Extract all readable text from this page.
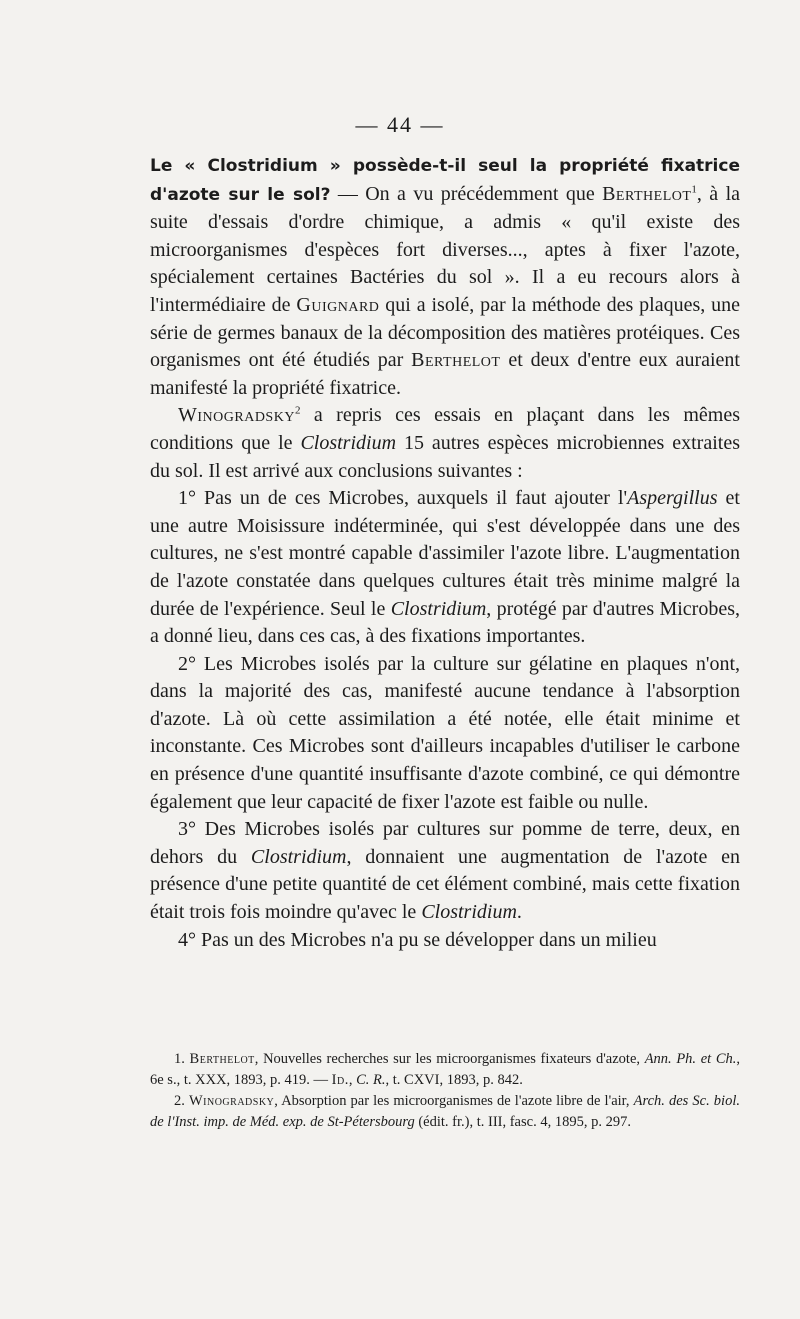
— 44 —

Le « Clostridium » possède-t-il seul la propriété fixatrice d'azote sur le sol? — On a vu précédemment que Berthelot$^1$, à la suite d'essais d'ordre chimique, a admis « qu'il existe des microorganismes d'espèces fort diverses..., aptes à fixer l'azote, spécialement certaines Bactéries du sol ». Il a eu recours alors à l'intermédiaire de Guignard qui a isolé, par la méthode des plaques, une série de germes banaux de la décomposition des matières protéiques. Ces organismes ont été étudiés par Berthelot et deux d'entre eux auraient manifesté la propriété fixatrice.

Winogradsky$^2$ a repris ces essais en plaçant dans les mêmes conditions que le Clostridium 15 autres espèces microbiennes extraites du sol. Il est arrivé aux conclusions suivantes :

1° Pas un de ces Microbes, auxquels il faut ajouter l'Aspergillus et une autre Moisissure indéterminée, qui s'est développée dans une des cultures, ne s'est montré capable d'assimiler l'azote libre. L'augmentation de l'azote constatée dans quelques cultures était très minime malgré la durée de l'expérience. Seul le Clostridium, protégé par d'autres Microbes, a donné lieu, dans ces cas, à des fixations importantes.

2° Les Microbes isolés par la culture sur gélatine en plaques n'ont, dans la majorité des cas, manifesté aucune tendance à l'absorption d'azote. Là où cette assimilation a été notée, elle était minime et inconstante. Ces Microbes sont d'ailleurs incapables d'utiliser le carbone en présence d'une quantité insuffisante d'azote combiné, ce qui démontre également que leur capacité de fixer l'azote est faible ou nulle.

3° Des Microbes isolés par cultures sur pomme de terre, deux, en dehors du Clostridium, donnaient une augmentation de l'azote en présence d'une petite quantité de cet élément combiné, mais cette fixation était trois fois moindre qu'avec le Clostridium.

4° Pas un des Microbes n'a pu se développer dans un milieu

1. Berthelot, Nouvelles recherches sur les microorganismes fixateurs d'azote, Ann. Ph. et Ch., 6e s., t. XXX, 1893, p. 419. — Id., C. R., t. CXVI, 1893, p. 842.

2. Winogradsky, Absorption par les microorganismes de l'azote libre de l'air, Arch. des Sc. biol. de l'Inst. imp. de Méd. exp. de St-Pétersbourg (édit. fr.), t. III, fasc. 4, 1895, p. 297.
